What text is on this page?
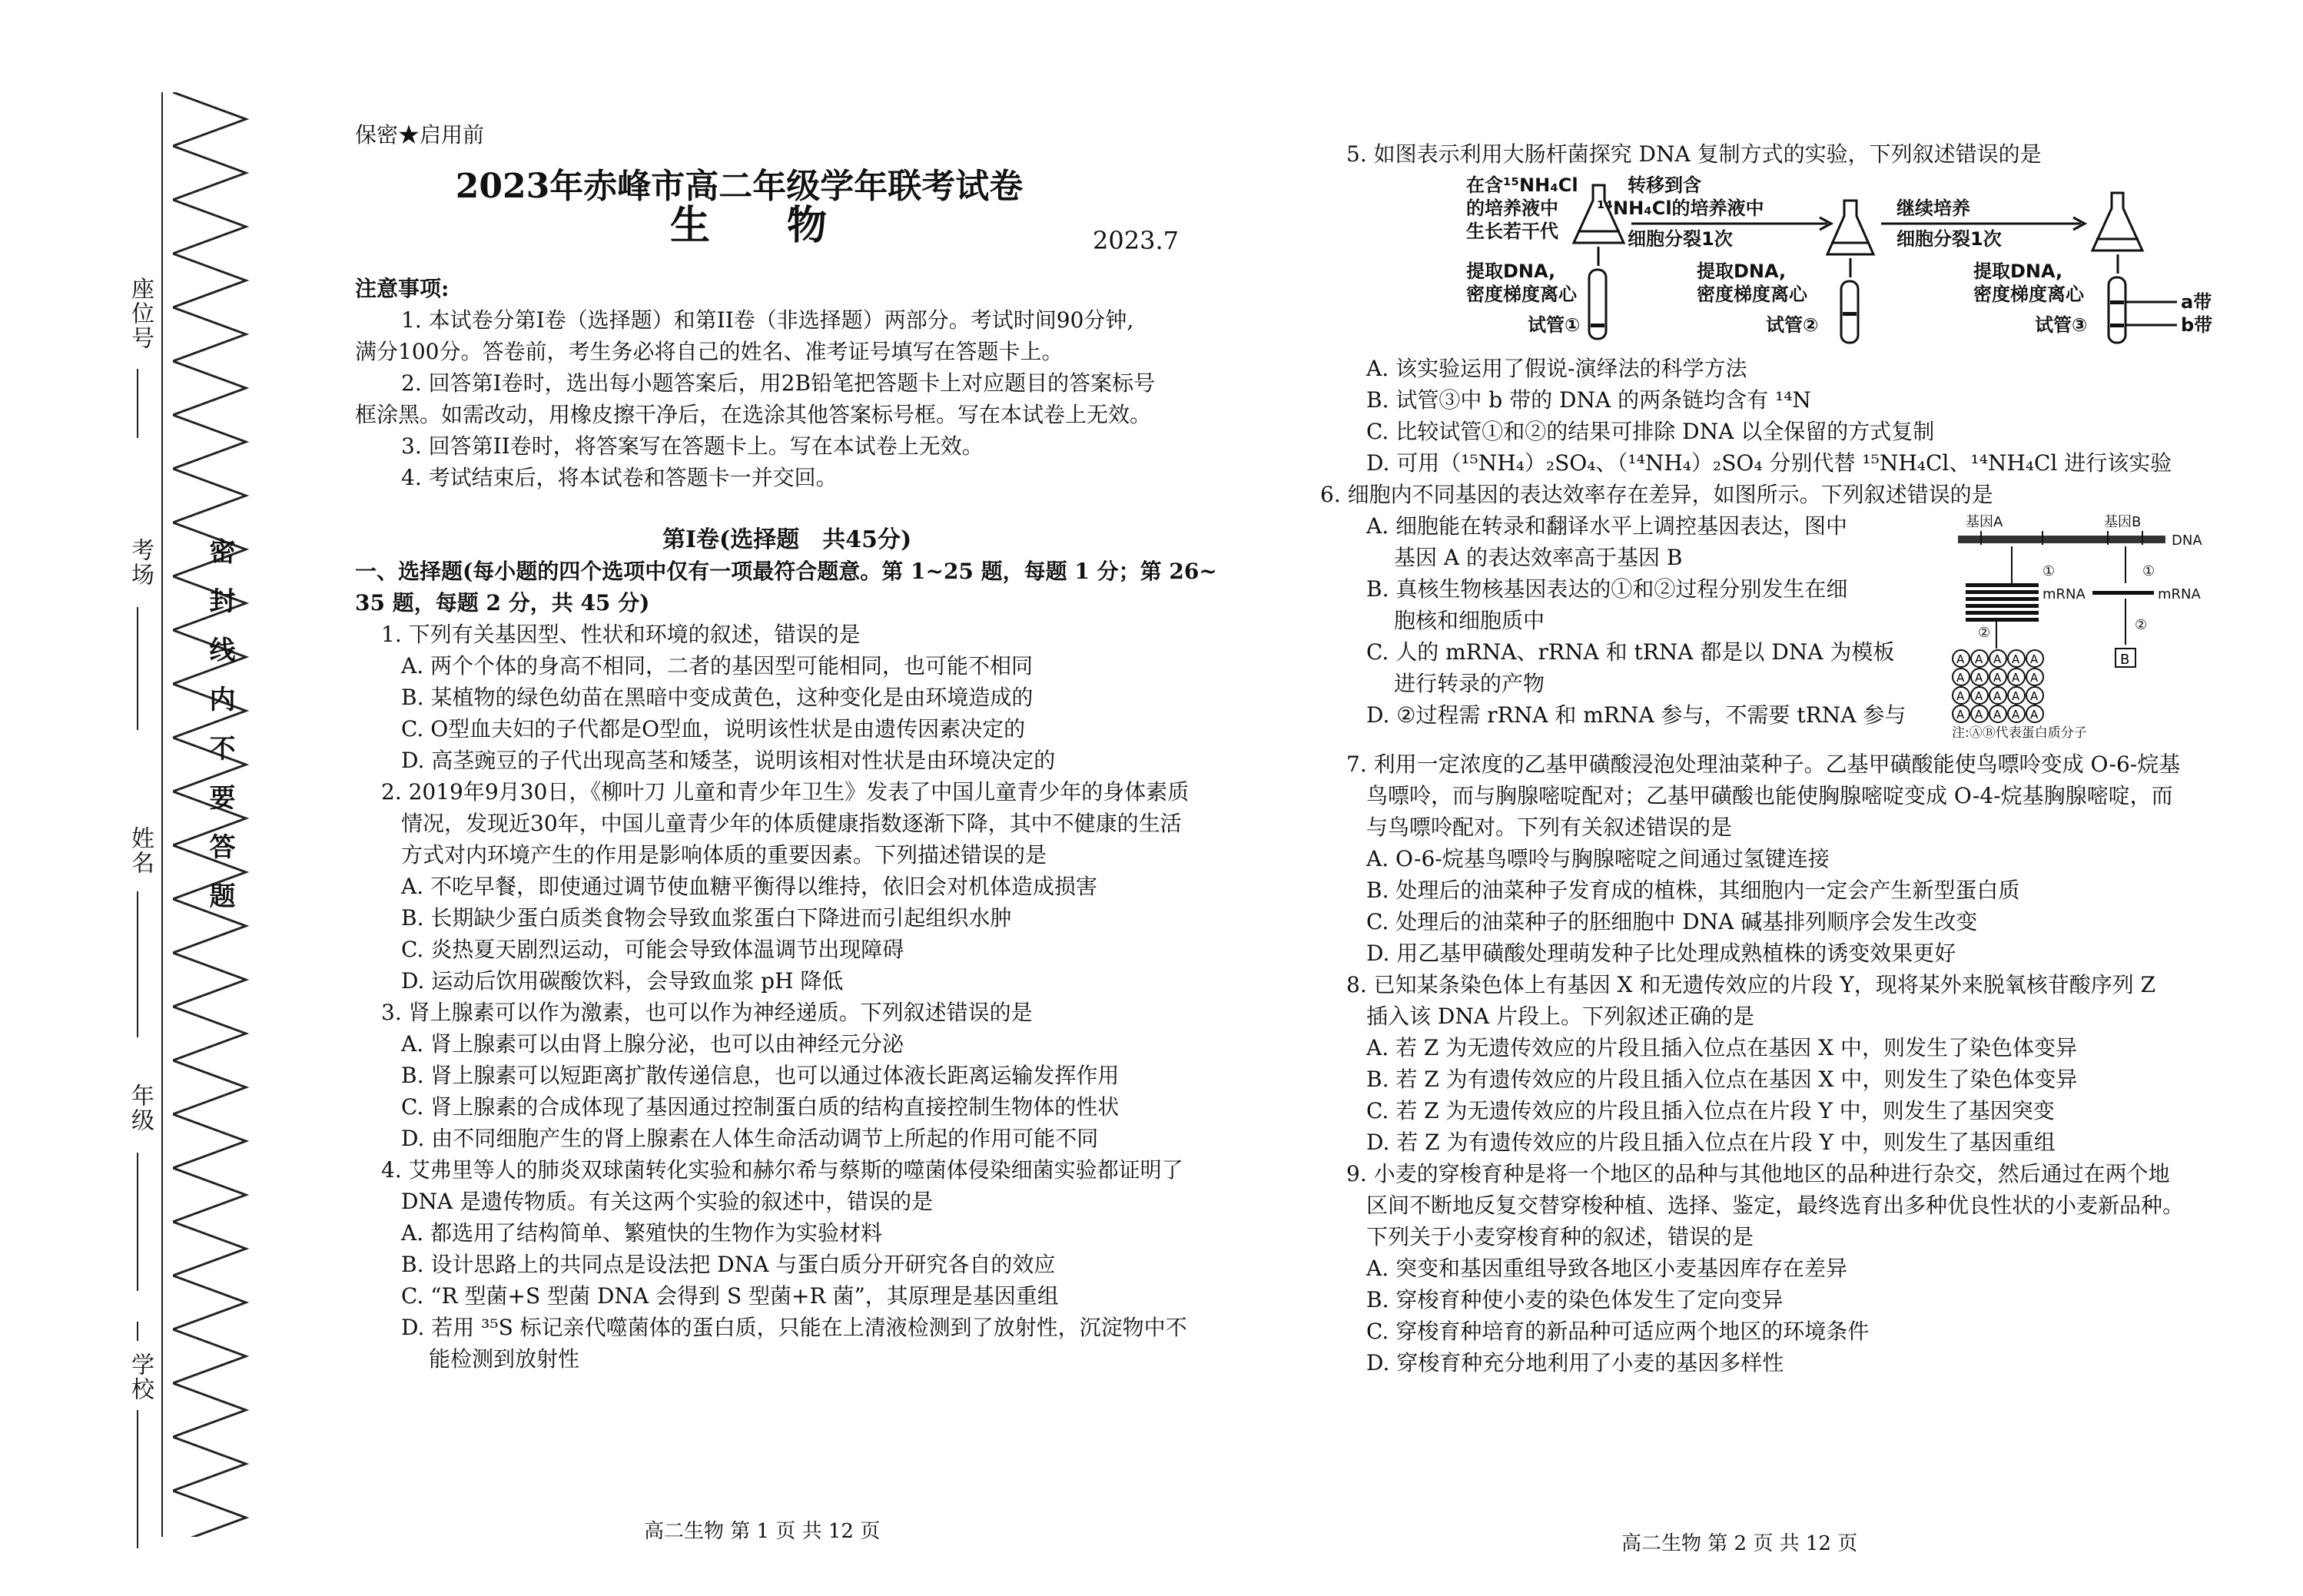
座位号
考场
姓名
年级
学校
密封线内不要答题

保密★启用前

2023年赤峰市高二年级学年联考试卷

生物	2023.7

注意事项:

1. 本试卷分第I卷（选择题）和第II卷（非选择题）两部分。考试时间90分钟,

满分100分。答卷前，考生务必将自己的姓名、准考证号填写在答题卡上。

2. 回答第I卷时，选出每小题答案后，用2B铅笔把答题卡上对应题目的答案标号

框涂黑。如需改动，用橡皮擦干净后，在选涂其他答案标号框。写在本试卷上无效。

3. 回答第II卷时，将答案写在答题卡上。写在本试卷上无效。

4. 考试结束后，将本试卷和答题卡一并交回。

第I卷(选择题　共45分)

一、选择题(每小题的四个选项中仅有一项最符合题意。第 1~25 题，每题 1 分；第 26~

35 题，每题 2 分，共 45 分)

1. 下列有关基因型、性状和环境的叙述，错误的是

A. 两个个体的身高不相同，二者的基因型可能相同，也可能不相同

B. 某植物的绿色幼苗在黑暗中变成黄色，这种变化是由环境造成的

C. O型血夫妇的子代都是O型血，说明该性状是由遗传因素决定的

D. 高茎豌豆的子代出现高茎和矮茎，说明该相对性状是由环境决定的

2. 2019年9月30日，《柳叶刀 儿童和青少年卫生》发表了中国儿童青少年的身体素质

情况，发现近30年，中国儿童青少年的体质健康指数逐渐下降，其中不健康的生活

方式对内环境产生的作用是影响体质的重要因素。下列描述错误的是

A. 不吃早餐，即使通过调节使血糖平衡得以维持，依旧会对机体造成损害

B. 长期缺少蛋白质类食物会导致血浆蛋白下降进而引起组织水肿

C. 炎热夏天剧烈运动，可能会导致体温调节出现障碍

D. 运动后饮用碳酸饮料，会导致血浆 pH 降低

3. 肾上腺素可以作为激素，也可以作为神经递质。下列叙述错误的是

A. 肾上腺素可以由肾上腺分泌，也可以由神经元分泌

B. 肾上腺素可以短距离扩散传递信息，也可以通过体液长距离运输发挥作用

C. 肾上腺素的合成体现了基因通过控制蛋白质的结构直接控制生物体的性状

D. 由不同细胞产生的肾上腺素在人体生命活动调节上所起的作用可能不同

4. 艾弗里等人的肺炎双球菌转化实验和赫尔希与蔡斯的噬菌体侵染细菌实验都证明了

DNA 是遗传物质。有关这两个实验的叙述中，错误的是

A. 都选用了结构简单、繁殖快的生物作为实验材料

B. 设计思路上的共同点是设法把 DNA 与蛋白质分开研究各自的效应

C. “R 型菌+S 型菌 DNA 会得到 S 型菌+R 菌”，其原理是基因重组

D. 若用 ³⁵S 标记亲代噬菌体的蛋白质，只能在上清液检测到了放射性，沉淀物中不

能检测到放射性

5. 如图表示利用大肠杆菌探究 DNA 复制方式的实验，下列叙述错误的是

在含¹⁵NH₄Cl
的培养液中
生长若干代
转移到含
¹⁴NH₄Cl的培养液中
细胞分裂1次
继续培养
细胞分裂1次
提取DNA,
密度梯度离心
试管①
提取DNA,
密度梯度离心
试管②
提取DNA,
密度梯度离心
试管③
a带
b带

A. 该实验运用了假说-演绎法的科学方法

B. 试管③中 b 带的 DNA 的两条链均含有 ¹⁴N

C. 比较试管①和②的结果可排除 DNA 以全保留的方式复制

D. 可用（¹⁵NH₄）₂SO₄、（¹⁴NH₄）₂SO₄ 分别代替 ¹⁵NH₄Cl、¹⁴NH₄Cl 进行该实验

6. 细胞内不同基因的表达效率存在差异，如图所示。下列叙述错误的是

A. 细胞能在转录和翻译水平上调控基因表达，图中

基因 A 的表达效率高于基因 B

B. 真核生物核基因表达的①和②过程分别发生在细

胞核和细胞质中

C. 人的 mRNA、rRNA 和 tRNA 都是以 DNA 为模板

进行转录的产物

D. ②过程需 rRNA 和 mRNA 参与，不需要 tRNA 参与

基因A	基因B
DNA
①	①
mRNA	mRNA
②
②
注:ⒶⒷ代表蛋白质分子
A A A A A
A A A A A
A A A A A
A A A A A
B

7. 利用一定浓度的乙基甲磺酸浸泡处理油菜种子。乙基甲磺酸能使鸟嘌呤变成 O-6-烷基

鸟嘌呤，而与胸腺嘧啶配对；乙基甲磺酸也能使胸腺嘧啶变成 O-4-烷基胸腺嘧啶，而

与鸟嘌呤配对。下列有关叙述错误的是

A. O-6-烷基鸟嘌呤与胸腺嘧啶之间通过氢键连接

B. 处理后的油菜种子发育成的植株，其细胞内一定会产生新型蛋白质

C. 处理后的油菜种子的胚细胞中 DNA 碱基排列顺序会发生改变

D. 用乙基甲磺酸处理萌发种子比处理成熟植株的诱变效果更好

8. 已知某条染色体上有基因 X 和无遗传效应的片段 Y，现将某外来脱氧核苷酸序列 Z

插入该 DNA 片段上。下列叙述正确的是

A. 若 Z 为无遗传效应的片段且插入位点在基因 X 中，则发生了染色体变异

B. 若 Z 为有遗传效应的片段且插入位点在基因 X 中，则发生了染色体变异

C. 若 Z 为无遗传效应的片段且插入位点在片段 Y 中，则发生了基因突变

D. 若 Z 为有遗传效应的片段且插入位点在片段 Y 中，则发生了基因重组

9. 小麦的穿梭育种是将一个地区的品种与其他地区的品种进行杂交，然后通过在两个地

区间不断地反复交替穿梭种植、选择、鉴定，最终选育出多种优良性状的小麦新品种。

下列关于小麦穿梭育种的叙述，错误的是

A. 突变和基因重组导致各地区小麦基因库存在差异

B. 穿梭育种使小麦的染色体发生了定向变异

C. 穿梭育种培育的新品种可适应两个地区的环境条件

D. 穿梭育种充分地利用了小麦的基因多样性

高二生物 第 1 页 共 12 页
高二生物 第 2 页 共 12 页
